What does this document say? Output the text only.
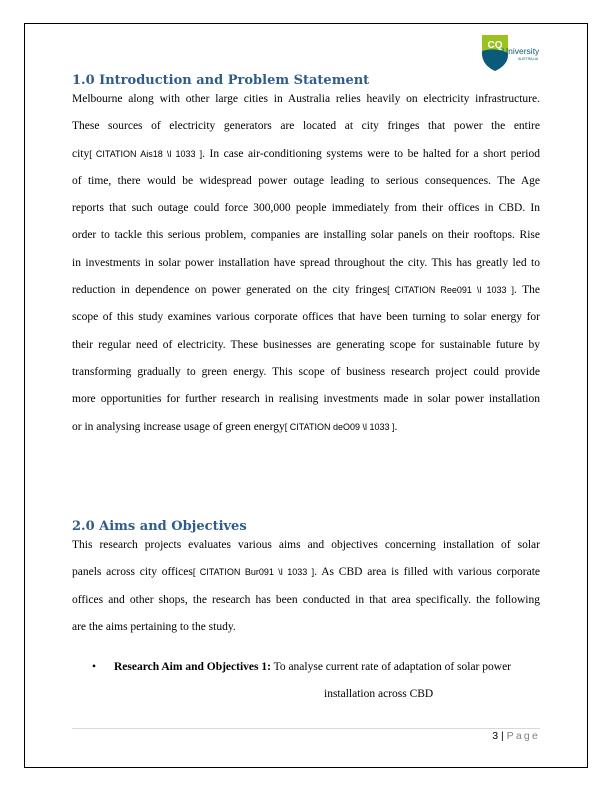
CQ University
AUSTRALIA
1.0 Introduction and Problem Statement
Melbourne along with other large cities in Australia relies heavily on electricity infrastructure.
These sources of electricity generators are located at city fringes that power the entire
city[ CITATION Ais18 \l 1033 ]. In case air-conditioning systems were to be halted for a short period
of time, there would be widespread power outage leading to serious consequences. The Age
reports that such outage could force 300,000 people immediately from their offices in CBD. In
order to tackle this serious problem, companies are installing solar panels on their rooftops. Rise
in investments in solar power installation have spread throughout the city. This has greatly led to
reduction in dependence on power generated on the city fringes[ CITATION Ree091 \l 1033 ]. The
scope of this study examines various corporate offices that have been turning to solar energy for
their regular need of electricity. These businesses are generating scope for sustainable future by
transforming gradually to green energy. This scope of business research project could provide
more opportunities for further research in realising investments made in solar power installation
or in analysing increase usage of green energy[ CITATION deO09 \l 1033 ].
2.0 Aims and Objectives
This research projects evaluates various aims and objectives concerning installation of solar
panels across city offices[ CITATION Bur091 \l 1033 ]. As CBD area is filled with various corporate
offices and other shops, the research has been conducted in that area specifically. the following
are the aims pertaining to the study.
• Research Aim and Objectives 1: To analyse current rate of adaptation of solar power
installation across CBD
3 | Page
